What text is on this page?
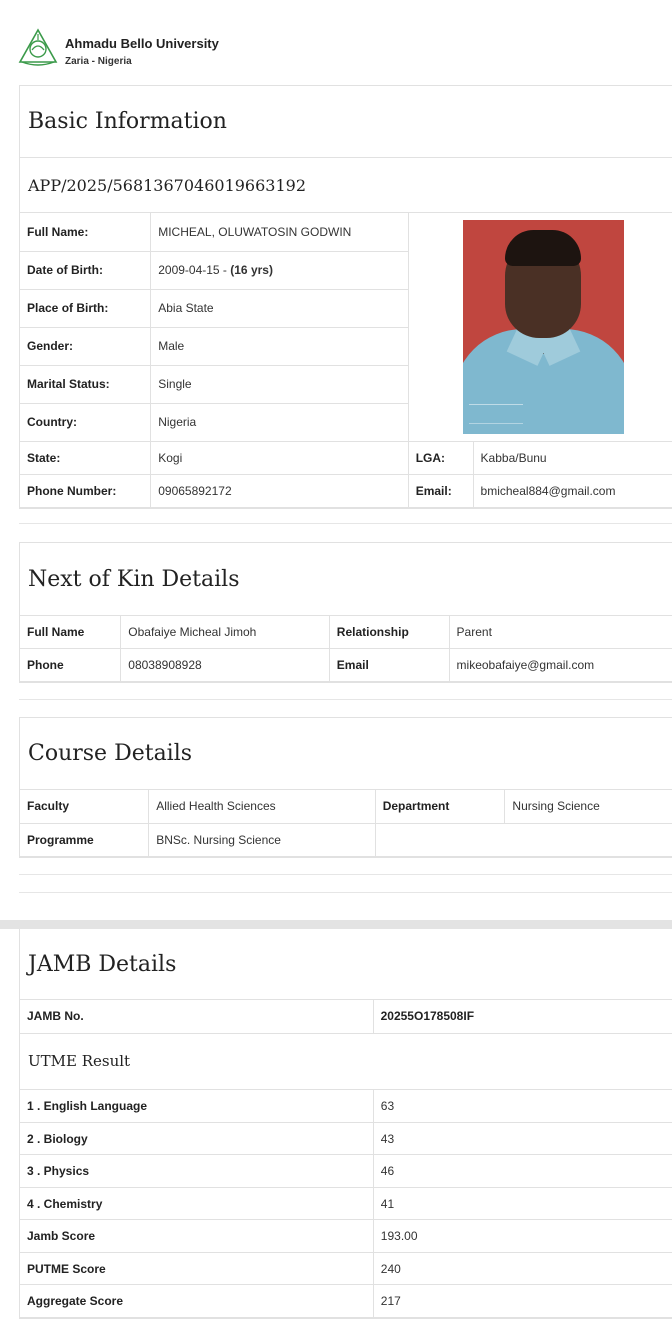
Ahmadu Bello University
Zaria - Nigeria
Basic Information
APP/2025/5681367046019663192
Full Name:	MICHEAL, OLUWATOSIN GODWIN		

Date of Birth:	2009-04-15 - (16 yrs)		
Place of Birth:	Abia State		
Gender:	Male		
Marital Status:	Single		
Country:	Nigeria		
State:	Kogi	LGA:	Kabba/Bunu
Phone Number:	09065892172	Email:	bmicheal884@gmail.com
Next of Kin Details
Full Name	Obafaiye Micheal Jimoh	Relationship	Parent
Phone	08038908928	Email	mikeobafaiye@gmail.com
Course Details
Faculty	Allied Health Sciences	Department	Nursing Science
Programme	BNSc. Nursing Science		
JAMB Details
JAMB No.	20255O178508IF
UTME Result
1 . English Language	63
2 . Biology	43
3 . Physics	46
4 . Chemistry	41
Jamb Score	193.00
PUTME Score	240
Aggregate Score	217
